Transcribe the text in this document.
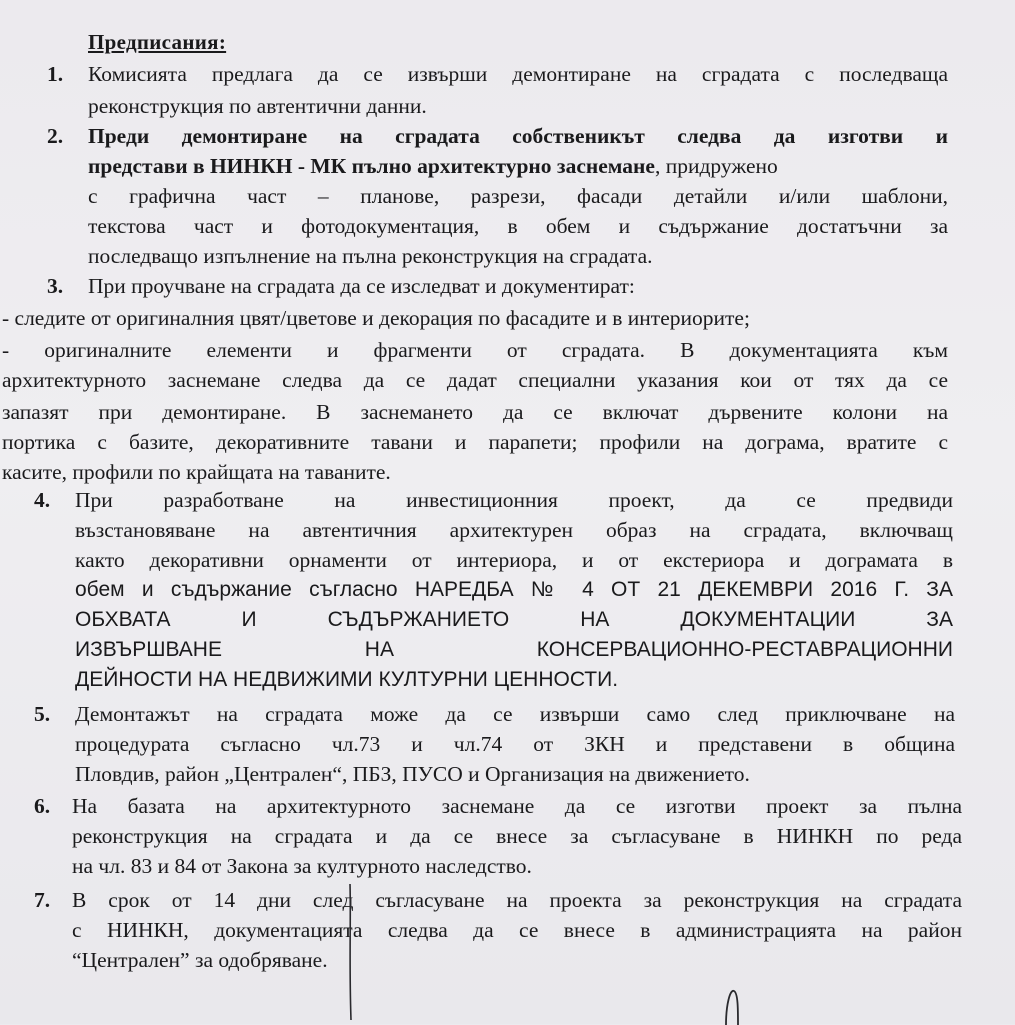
Предписания:
1. Комисията предлага да се извърши демонтиране на сградата с последваща
реконструкция по автентични данни.
2. Преди демонтиране на сградата собственикът следва да изготви и
представи в НИНКН - МК пълно архитектурно заснемане, придружено
с графична част – планове, разрези, фасади детайли и/или шаблони,
текстова част и фотодокументация, в обем и съдържание достатъчни за
последващо изпълнение на пълна реконструкция на сградата.
3. При проучване на сградата да се изследват и документират:
- следите от оригиналния цвят/цветове и декорация по фасадите и в интериорите;
- оригиналните елементи и фрагменти от сградата. В документацията към
архитектурното заснемане следва да се дадат специални указания кои от тях да се
запазят при демонтиране. В заснемането да се включат дървените колони на
портика с базите, декоративните тавани и парапети; профили на дограма, вратите с
касите, профили по крайщата на таваните.
4. При разработване на инвестиционния проект, да се предвиди
възстановяване на автентичния архитектурен образ на сградата, включващ
както декоративни орнаменти от интериора, и от екстериора и дограмата в
обем и съдържание съгласно НАРЕДБА № 4 ОТ 21 ДЕКЕМВРИ 2016 Г. ЗА
ОБХВАТА И СЪДЪРЖАНИЕТО НА ДОКУМЕНТАЦИИ ЗА
ИЗВЪРШВАНЕ НА КОНСЕРВАЦИОННО-РЕСТАВРАЦИОННИ
ДЕЙНОСТИ НА НЕДВИЖИМИ КУЛТУРНИ ЦЕННОСТИ.
5. Демонтажът на сградата може да се извърши само след приключване на
процедурата съгласно чл.73 и чл.74 от ЗКН и представени в община
Пловдив, район „Централен“, ПБЗ, ПУСО и Организация на движението.
6. На базата на архитектурното заснемане да се изготви проект за пълна
реконструкция на сградата и да се внесе за съгласуване в НИНКН по реда
на чл. 83 и 84 от Закона за културното наследство.
7. В срок от 14 дни след съгласуване на проекта за реконструкция на сградата
с НИНКН, документацията следва да се внесе в администрацията на район
“Централен” за одобряване.
